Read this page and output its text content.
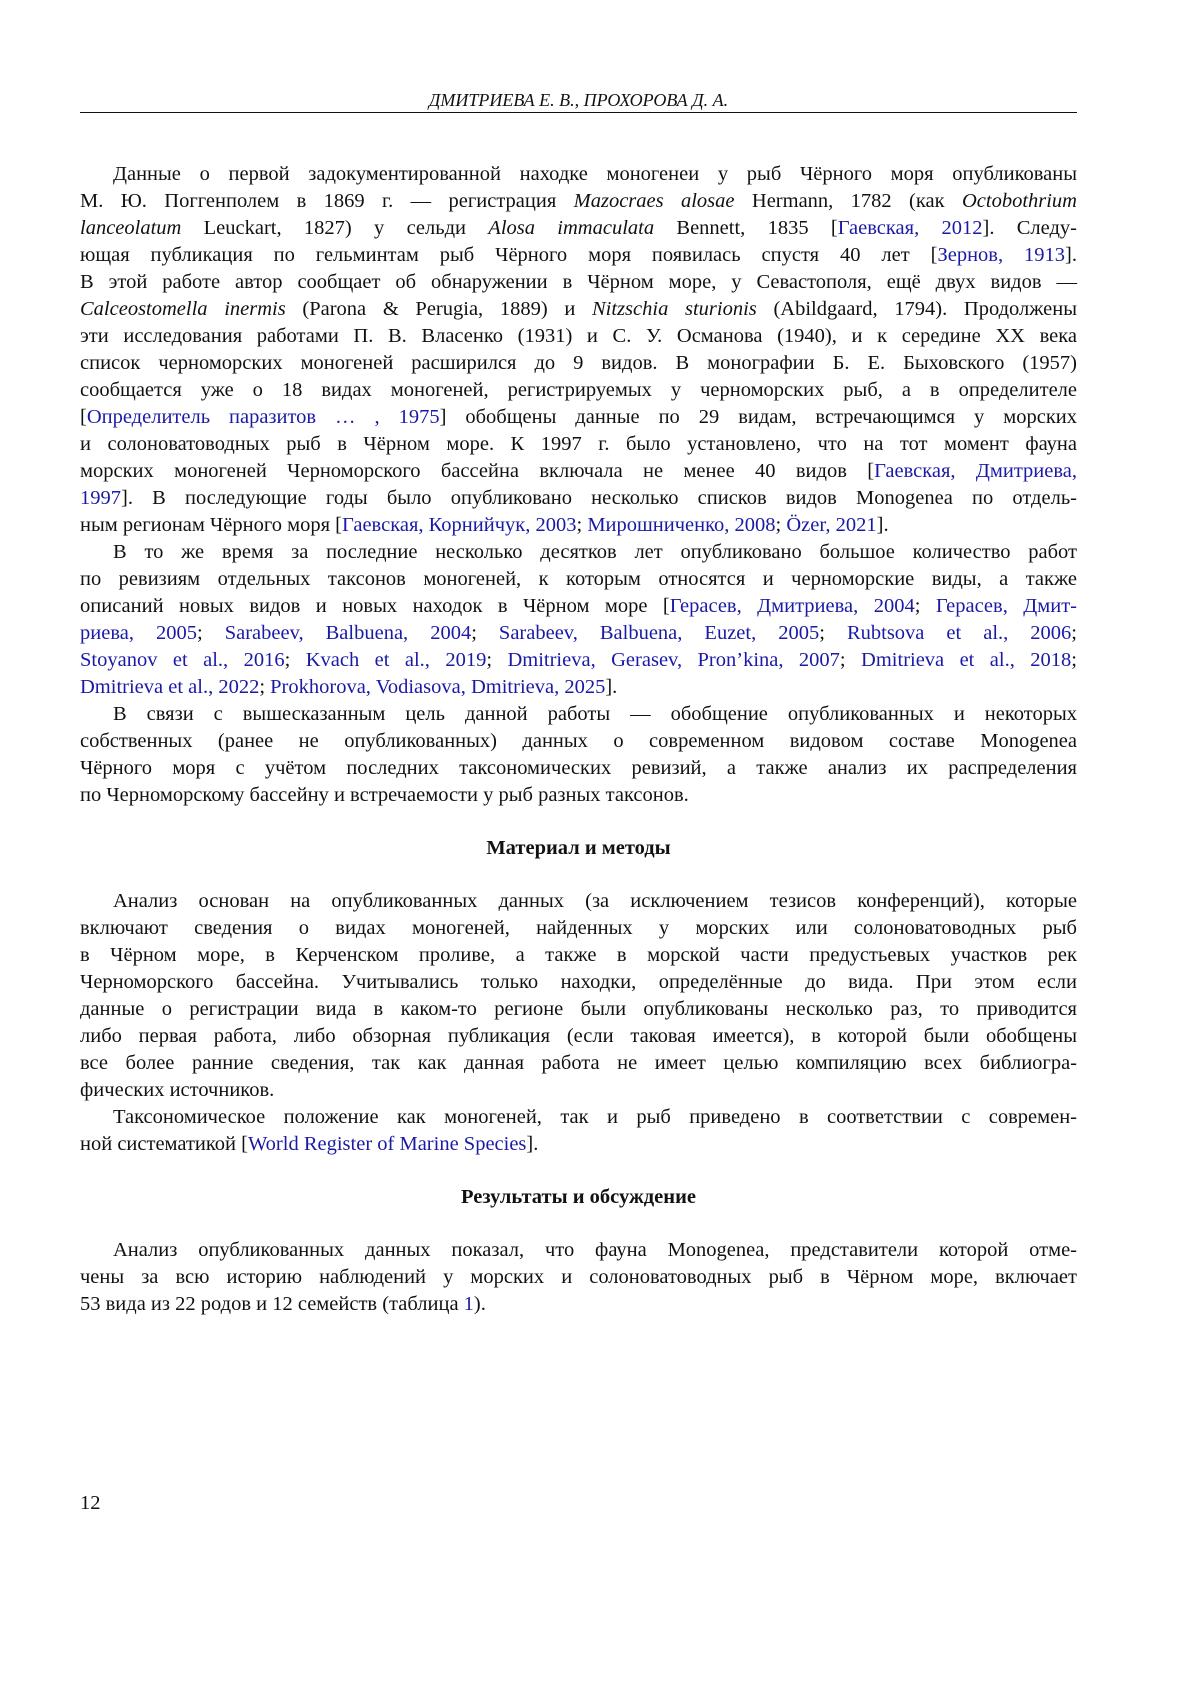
ДМИТРИЕВА Е. В., ПРОХОРОВА Д. А.
Данные о первой задокументированной находке моногенеи у рыб Чёрного моря опубликованы
М. Ю. Поггенполем в 1869 г. — регистрация Mazocraes alosae Hermann, 1782 (как Octobothrium
lanceolatum Leuckart, 1827) у сельди Alosa immaculata Bennett, 1835 [Гаевская, 2012]. Следу-
ющая публикация по гельминтам рыб Чёрного моря появилась спустя 40 лет [Зернов, 1913].
В этой работе автор сообщает об обнаружении в Чёрном море, у Севастополя, ещё двух видов —
Calceostomella inermis (Parona & Perugia, 1889) и Nitzschia sturionis (Abildgaard, 1794). Продолжены
эти исследования работами П. В. Власенко (1931) и С. У. Османова (1940), и к середине XX века
список черноморских моногеней расширился до 9 видов. В монографии Б. Е. Быховского (1957)
сообщается уже о 18 видах моногеней, регистрируемых у черноморских рыб, а в определителе
[Определитель паразитов … , 1975] обобщены данные по 29 видам, встречающимся у морских
и солоноватоводных рыб в Чёрном море. К 1997 г. было установлено, что на тот момент фауна
морских моногеней Черноморского бассейна включала не менее 40 видов [Гаевская, Дмитриева,
1997]. В последующие годы было опубликовано несколько списков видов Monogenea по отдель-
ным регионам Чёрного моря [Гаевская, Корнийчук, 2003; Мирошниченко, 2008; Özer, 2021].
В то же время за последние несколько десятков лет опубликовано большое количество работ
по ревизиям отдельных таксонов моногеней, к которым относятся и черноморские виды, а также
описаний новых видов и новых находок в Чёрном море [Герасев, Дмитриева, 2004; Герасев, Дмит-
риева, 2005; Sarabeev, Balbuena, 2004; Sarabeev, Balbuena, Euzet, 2005; Rubtsova et al., 2006;
Stoyanov et al., 2016; Kvach et al., 2019; Dmitrieva, Gerasev, Pron’kina, 2007; Dmitrieva et al., 2018;
Dmitrieva et al., 2022; Prokhorova, Vodiasova, Dmitrieva, 2025].
В связи с вышесказанным цель данной работы — обобщение опубликованных и некоторых
собственных (ранее не опубликованных) данных о современном видовом составе Monogenea
Чёрного моря с учётом последних таксономических ревизий, а также анализ их распределения
по Черноморскому бассейну и встречаемости у рыб разных таксонов.
Материал и методы
Анализ основан на опубликованных данных (за исключением тезисов конференций), которые
включают сведения о видах моногеней, найденных у морских или солоноватоводных рыб
в Чёрном море, в Керченском проливе, а также в морской части предустьевых участков рек
Черноморского бассейна. Учитывались только находки, определённые до вида. При этом если
данные о регистрации вида в каком-то регионе были опубликованы несколько раз, то приводится
либо первая работа, либо обзорная публикация (если таковая имеется), в которой были обобщены
все более ранние сведения, так как данная работа не имеет целью компиляцию всех библиогра-
фических источников.
Таксономическое положение как моногеней, так и рыб приведено в соответствии с современ-
ной систематикой [World Register of Marine Species].
Результаты и обсуждение
Анализ опубликованных данных показал, что фауна Monogenea, представители которой отме-
чены за всю историю наблюдений у морских и солоноватоводных рыб в Чёрном море, включает
53 вида из 22 родов и 12 семейств (таблица 1).
12
